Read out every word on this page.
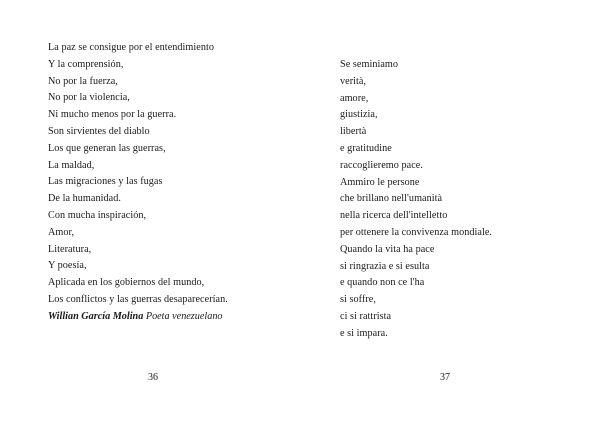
La paz se consigue por el entendimiento
Y la comprensión,
No por la fuerza,
No por la violencia,
Ni mucho menos por la guerra.
Son sirvientes del diablo
Los que generan las guerras,
La maldad,
Las migraciones y las fugas
De la humanidad.
Con mucha inspiración,
Amor,
Literatura,
Y poesía,
Aplicada en los gobiernos del mundo,
Los conflictos y las guerras desaparecerían.
Willian García Molina Poeta venezuelano
36
Se seminiamo
verità,
amore,
giustizia,
libertà
e gratitudine
raccoglieremo pace.
Ammiro le persone
che brillano nell'umanità
nella ricerca dell'intelletto
per ottenere la convivenza mondiale.
Quando la vita ha pace
si ringrazia e si esulta
e quando non ce l'ha
si soffre,
ci si rattrista
e si impara.
37
